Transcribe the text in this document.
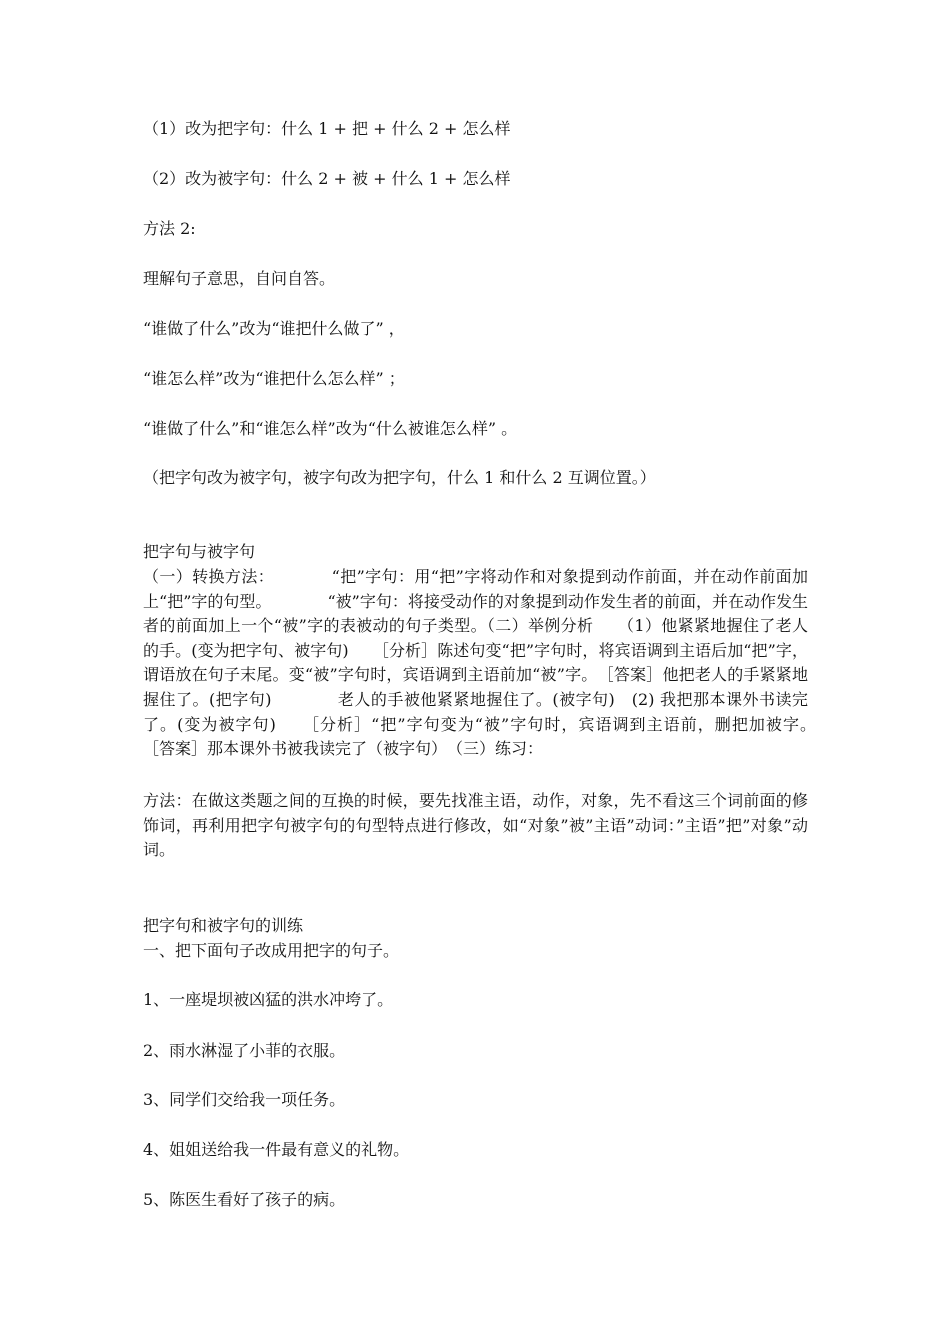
（1）改为把字句：什么 1 + 把 + 什么 2 + 怎么样
（2）改为被字句：什么 2 + 被 + 什么 1 + 怎么样
方法 2:
理解句子意思，自问自答。
“谁做了什么”改为“谁把什么做了” ，
“谁怎么样”改为“谁把什么怎么样” ；
“谁做了什么”和“谁怎么样”改为“什么被谁怎么样” 。
（把字句改为被字句，被字句改为把字句，什么 1 和什么 2 互调位置。）
把字句与被字句
（一）转换方法：　　　　“把”字句：用“把”字将动作和对象提到动作前面，并在动作前面加上“把”字的句型。　　　　“被”字句：将接受动作的对象提到动作发生者的前面，并在动作发生者的前面加上一个“被”字的表被动的句子类型。（二）举例分析　　（1）他紧紧地握住了老人的手。(变为把字句、被字句)　　［分析］陈述句变“把”字句时，将宾语调到主语后加“把”字，谓语放在句子末尾。变“被”字句时，宾语调到主语前加“被”字。　［答案］他把老人的手紧紧地握住了。(把字句)　　　　老人的手被他紧紧地握住了。(被字句)　(2) 我把那本课外书读完了。(变为被字句)　　［分析］“把”字句变为“被”字句时，宾语调到主语前，删把加被字。　　［答案］那本课外书被我读完了（被字句）　（三）练习：
方法：在做这类题之间的互换的时候，要先找准主语，动作，对象，先不看这三个词前面的修饰词，再利用把字句被字句的句型特点进行修改，如“对象”被”主语”动词：”主语”把”对象”动词。
把字句和被字句的训练
一、把下面句子改成用把字的句子。
1、一座堤坝被凶猛的洪水冲垮了。
2、雨水淋湿了小菲的衣服。
3、同学们交给我一项任务。
4、姐姐送给我一件最有意义的礼物。
5、陈医生看好了孩子的病。
